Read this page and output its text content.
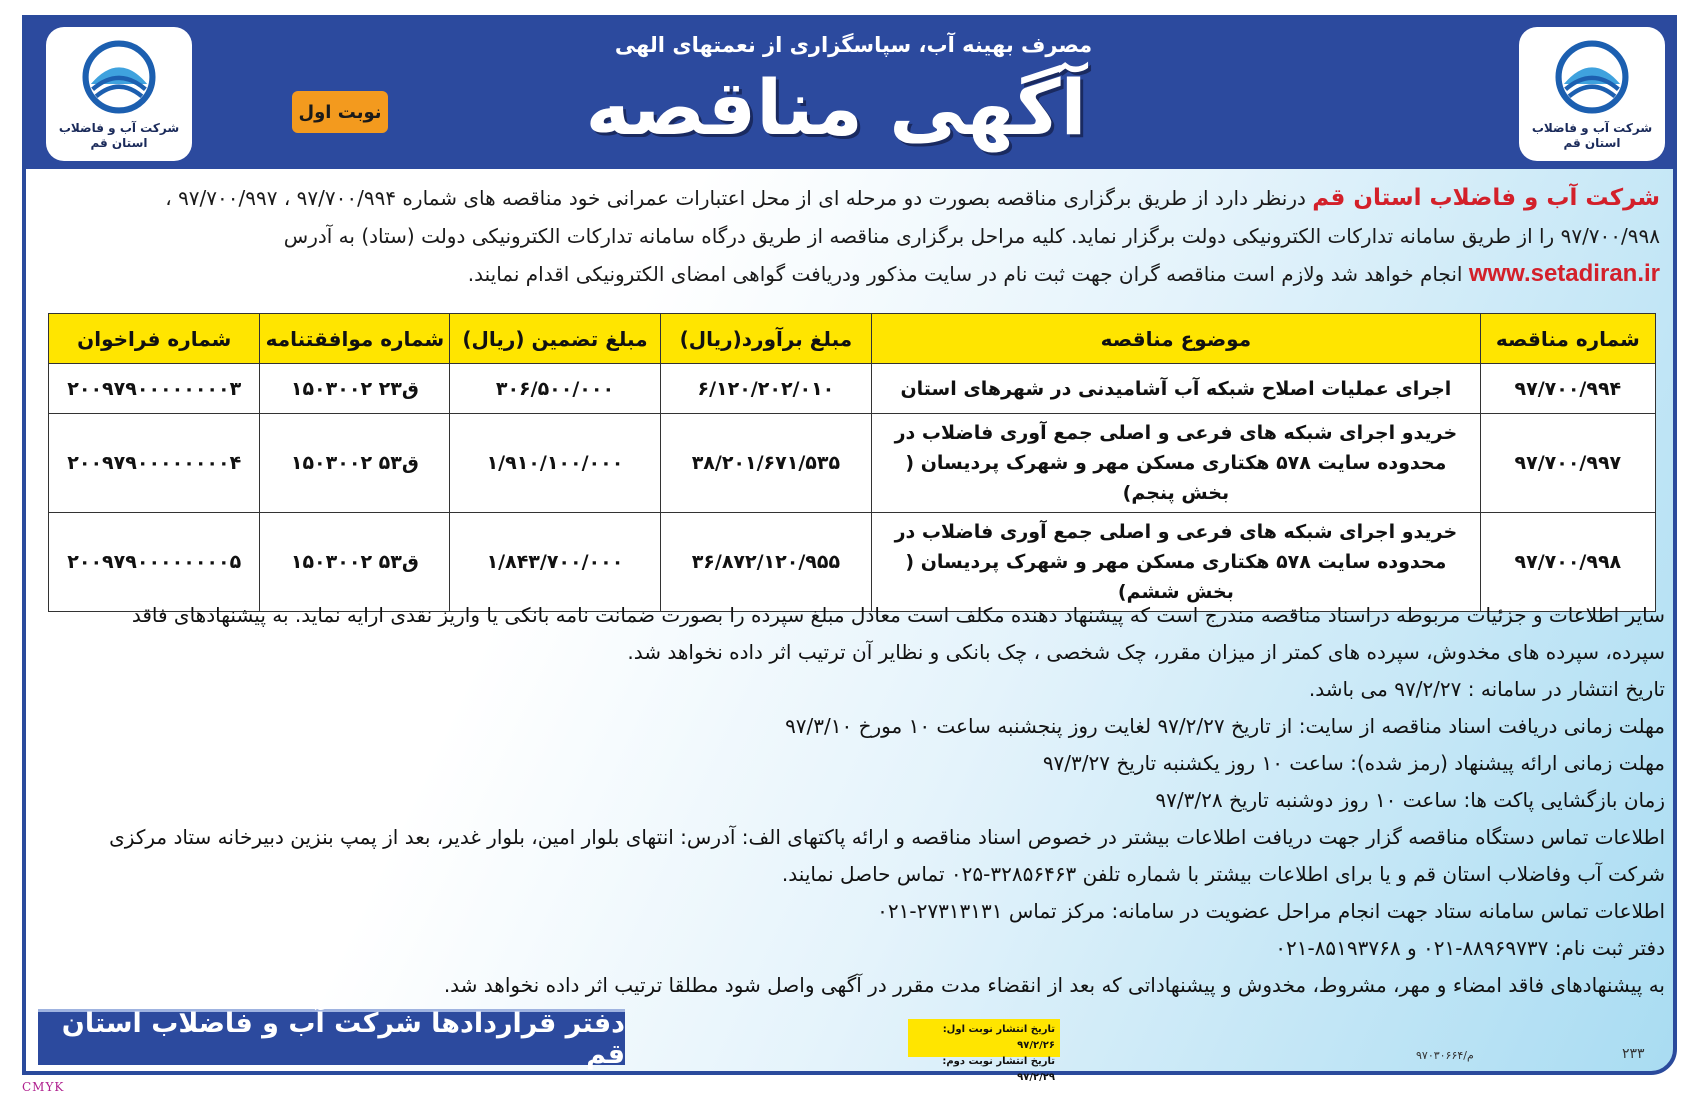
شرکت آب و فاضلاب
استان قم
شرکت آب و فاضلاب
استان قم
مصرف بهینه آب، سپاسگزاری از نعمتهای الهی
آگهی مناقصه
نوبت اول
شرکت آب و فاضلاب استان قم درنظر دارد از طریق برگزاری مناقصه بصورت دو مرحله ای از محل اعتبارات عمرانی خود مناقصه های شماره ۹۷/۷۰۰/۹۹۴ ، ۹۷/۷۰۰/۹۹۷ ،
۹۷/۷۰۰/۹۹۸ را از طریق سامانه تدارکات الکترونیکی دولت برگزار نماید. کلیه مراحل برگزاری مناقصه از طریق درگاه سامانه تدارکات الکترونیکی دولت (ستاد) به آدرس
www.setadiran.ir انجام خواهد شد ولازم است مناقصه گران جهت ثبت نام در سایت مذکور ودریافت گواهی امضای الکترونیکی اقدام نمایند.
شماره مناقصه	موضوع مناقصه	مبلغ برآورد(ریال)	مبلغ تضمین (ریال)	شماره موافقتنامه	شماره فراخوان
۹۷/۷۰۰/۹۹۴	اجرای عملیات اصلاح شبکه آب آشامیدنی در شهرهای استان	۶/۱۲۰/۲۰۲/۰۱۰	۳۰۶/۵۰۰/۰۰۰	ق۲۳ ۱۵۰۳۰۰۲	۲۰۰۹۷۹۰۰۰۰۰۰۰۰۳
۹۷/۷۰۰/۹۹۷	خریدو اجرای شبکه های فرعی و اصلی جمع آوری فاضلاب در محدوده سایت ۵۷۸ هکتاری مسکن مهر و شهرک پردیسان ( بخش پنجم)	۳۸/۲۰۱/۶۷۱/۵۳۵	۱/۹۱۰/۱۰۰/۰۰۰	ق۵۳ ۱۵۰۳۰۰۲	۲۰۰۹۷۹۰۰۰۰۰۰۰۰۴
۹۷/۷۰۰/۹۹۸	خریدو اجرای شبکه های فرعی و اصلی جمع آوری فاضلاب در محدوده سایت ۵۷۸ هکتاری مسکن مهر و شهرک پردیسان ( بخش ششم)	۳۶/۸۷۲/۱۲۰/۹۵۵	۱/۸۴۳/۷۰۰/۰۰۰	ق۵۳ ۱۵۰۳۰۰۲	۲۰۰۹۷۹۰۰۰۰۰۰۰۰۵
سایر اطلاعات و جزئیات مربوطه دراسناد مناقصه مندرج است که پیشنهاد دهنده مکلف است معادل مبلغ سپرده را بصورت ضمانت نامه بانکی یا واریز نقدی ارایه نماید. به پیشنهادهای فاقد
سپرده، سپرده های مخدوش، سپرده های کمتر از میزان مقرر، چک شخصی ، چک بانکی و نظایر آن ترتیب اثر داده نخواهد شد.
تاریخ انتشار در سامانه : ۹۷/۲/۲۷ می باشد.
مهلت زمانی دریافت اسناد مناقصه از سایت: از تاریخ ۹۷/۲/۲۷ لغایت روز پنجشنبه ساعت ۱۰ مورخ ۹۷/۳/۱۰
مهلت زمانی ارائه پیشنهاد (رمز شده): ساعت ۱۰ روز یکشنبه تاریخ ۹۷/۳/۲۷
زمان بازگشایی پاکت ها: ساعت ۱۰ روز دوشنبه تاریخ ۹۷/۳/۲۸
اطلاعات تماس دستگاه مناقصه گزار جهت دریافت اطلاعات بیشتر در خصوص اسناد مناقصه و ارائه پاکتهای الف: آدرس: انتهای بلوار امین، بلوار غدیر، بعد از پمپ بنزین دبیرخانه ستاد مرکزی
شرکت آب وفاضلاب استان قم و یا برای اطلاعات بیشتر با شماره تلفن ۳۲۸۵۶۴۶۳-۰۲۵ تماس حاصل نمایند.
اطلاعات تماس سامانه ستاد جهت انجام مراحل عضویت در سامانه: مرکز تماس ۲۷۳۱۳۱۳۱-۰۲۱
دفتر ثبت نام: ۸۸۹۶۹۷۳۷-۰۲۱ و ۸۵۱۹۳۷۶۸-۰۲۱
به پیشنهادهای فاقد امضاء و مهر، مشروط، مخدوش و پیشنهاداتی که بعد از انقضاء مدت مقرر در آگهی واصل شود مطلقا ترتیب اثر داده نخواهد شد.
دفتر قراردادها شرکت آب و فاضلاب استان قم
تاریخ انتشار نوبت اول: ۹۷/۲/۲۶
تاریخ انتشار نوبت دوم: ۹۷/۲/۲۹
م/۹۷۰۳۰۶۶۴	۲۳۳
CMYK
